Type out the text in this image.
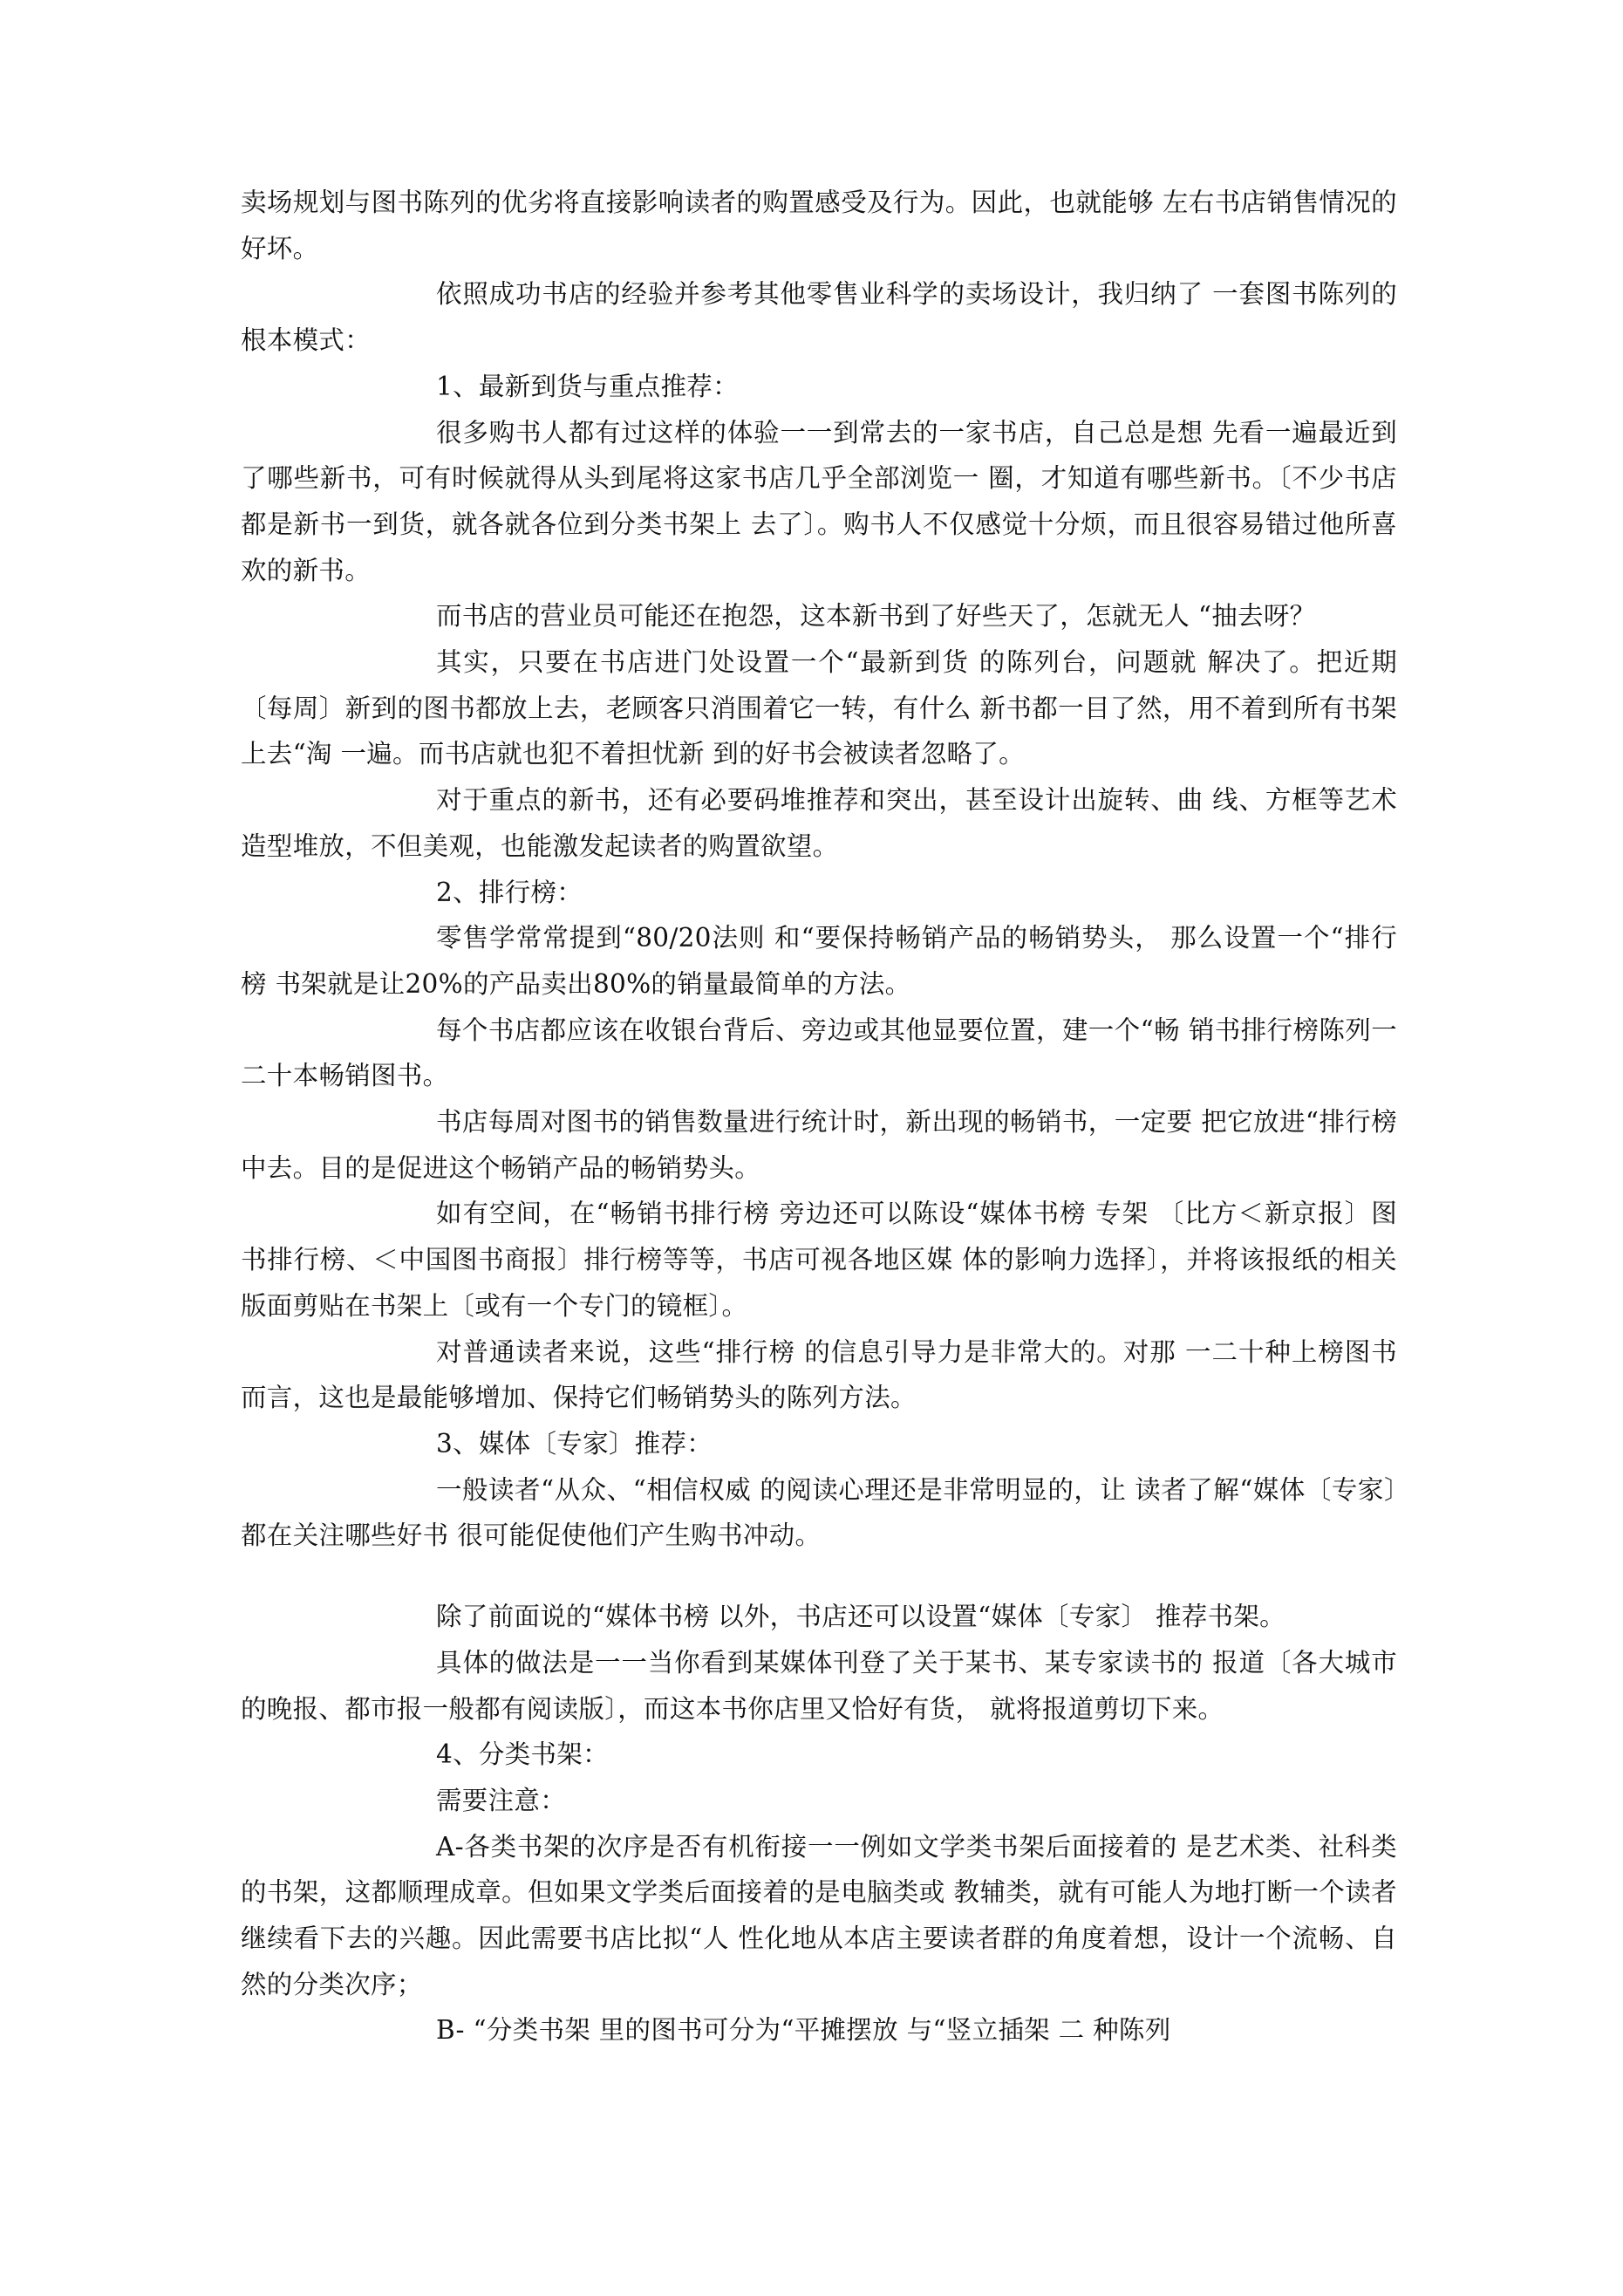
卖场规划与图书陈列的优劣将直接影响读者的购置感受及行为。因此，也就能够 左右书店销售情况的好坏。

依照成功书店的经验并参考其他零售业科学的卖场设计，我归纳了 一套图书陈列的根本模式：

1、最新到货与重点推荐：

很多购书人都有过这样的体验一一到常去的一家书店，自己总是想 先看一遍最近到了哪些新书，可有时候就得从头到尾将这家书店几乎全部浏览一 圈，才知道有哪些新书。〔不少书店都是新书一到货，就各就各位到分类书架上 去了〕。购书人不仅感觉十分烦，而且很容易错过他所喜欢的新书。

而书店的营业员可能还在抱怨，这本新书到了好些天了，怎就无人 “抽去呀？

其实，只要在书店进门处设置一个“最新到货 的陈列台，问题就 解决了。把近期〔每周〕新到的图书都放上去，老顾客只消围着它一转，有什么 新书都一目了然，用不着到所有书架上去“淘 一遍。而书店就也犯不着担忧新 到的好书会被读者忽略了。

对于重点的新书，还有必要码堆推荐和突出，甚至设计出旋转、曲 线、方框等艺术造型堆放，不但美观，也能激发起读者的购置欲望。

2、排行榜：

零售学常常提到“80/20法则 和“要保持畅销产品的畅销势头， 那么设置一个“排行榜 书架就是让20%的产品卖出80%的销量最简单的方法。

每个书店都应该在收银台背后、旁边或其他显要位置，建一个“畅 销书排行榜陈列一二十本畅销图书。

书店每周对图书的销售数量进行统计时，新出现的畅销书，一定要 把它放进“排行榜 中去。目的是促进这个畅销产品的畅销势头。

如有空间，在“畅销书排行榜 旁边还可以陈设“媒体书榜 专架 〔比方＜新京报〕图书排行榜、＜中国图书商报〕排行榜等等，书店可视各地区媒 体的影响力选择〕，并将该报纸的相关版面剪贴在书架上〔或有一个专门的镜框〕。

对普通读者来说，这些“排行榜 的信息引导力是非常大的。对那 一二十种上榜图书而言，这也是最能够增加、保持它们畅销势头的陈列方法。

3、媒体〔专家〕推荐：

一般读者“从众、“相信权威 的阅读心理还是非常明显的，让 读者了解“媒体〔专家〕都在关注哪些好书 很可能促使他们产生购书冲动。

除了前面说的“媒体书榜 以外，书店还可以设置“媒体〔专家〕 推荐书架。

具体的做法是一一当你看到某媒体刊登了关于某书、某专家读书的 报道〔各大城市的晚报、都市报一般都有阅读版〕，而这本书你店里又恰好有货， 就将报道剪切下来。

4、分类书架：

需要注意：

A-各类书架的次序是否有机衔接一一例如文学类书架后面接着的 是艺术类、社科类的书架，这都顺理成章。但如果文学类后面接着的是电脑类或 教辅类，就有可能人为地打断一个读者继续看下去的兴趣。因此需要书店比拟“人 性化地从本店主要读者群的角度着想，设计一个流畅、自然的分类次序；

B- “分类书架 里的图书可分为“平摊摆放 与“竖立插架 二 种陈列
